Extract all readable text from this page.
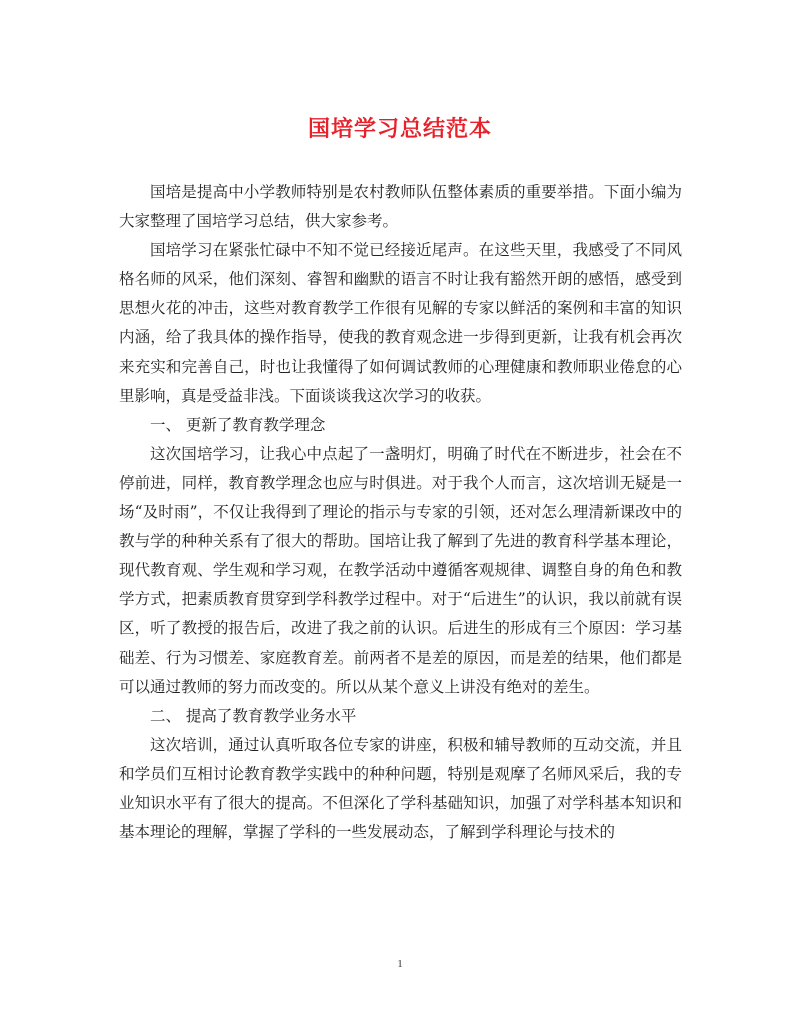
国培学习总结范本

国培是提高中小学教师特别是农村教师队伍整体素质的重要举措。下面小编为大家整理了国培学习总结，供大家参考。

国培学习在紧张忙碌中不知不觉已经接近尾声。在这些天里，我感受了不同风格名师的风采，他们深刻、睿智和幽默的语言不时让我有豁然开朗的感悟，感受到思想火花的冲击，这些对教育教学工作很有见解的专家以鲜活的案例和丰富的知识内涵，给了我具体的操作指导，使我的教育观念进一步得到更新，让我有机会再次来充实和完善自己，时也让我懂得了如何调试教师的心理健康和教师职业倦怠的心里影响，真是受益非浅。下面谈谈我这次学习的收获。

一、 更新了教育教学理念

这次国培学习，让我心中点起了一盏明灯，明确了时代在不断进步，社会在不停前进，同样，教育教学理念也应与时俱进。对于我个人而言，这次培训无疑是一场“及时雨”，不仅让我得到了理论的指示与专家的引领，还对怎么理清新课改中的教与学的种种关系有了很大的帮助。国培让我了解到了先进的教育科学基本理论，现代教育观、学生观和学习观，在教学活动中遵循客观规律、调整自身的角色和教学方式，把素质教育贯穿到学科教学过程中。对于“后进生”的认识，我以前就有误区，听了教授的报告后，改进了我之前的认识。后进生的形成有三个原因：学习基础差、行为习惯差、家庭教育差。前两者不是差的原因，而是差的结果，他们都是可以通过教师的努力而改变的。所以从某个意义上讲没有绝对的差生。

二、 提高了教育教学业务水平

这次培训，通过认真听取各位专家的讲座，积极和辅导教师的互动交流，并且和学员们互相讨论教育教学实践中的种种问题，特别是观摩了名师风采后，我的专业知识水平有了很大的提高。不但深化了学科基础知识，加强了对学科基本知识和基本理论的理解，掌握了学科的一些发展动态，了解到学科理论与技术的

1
